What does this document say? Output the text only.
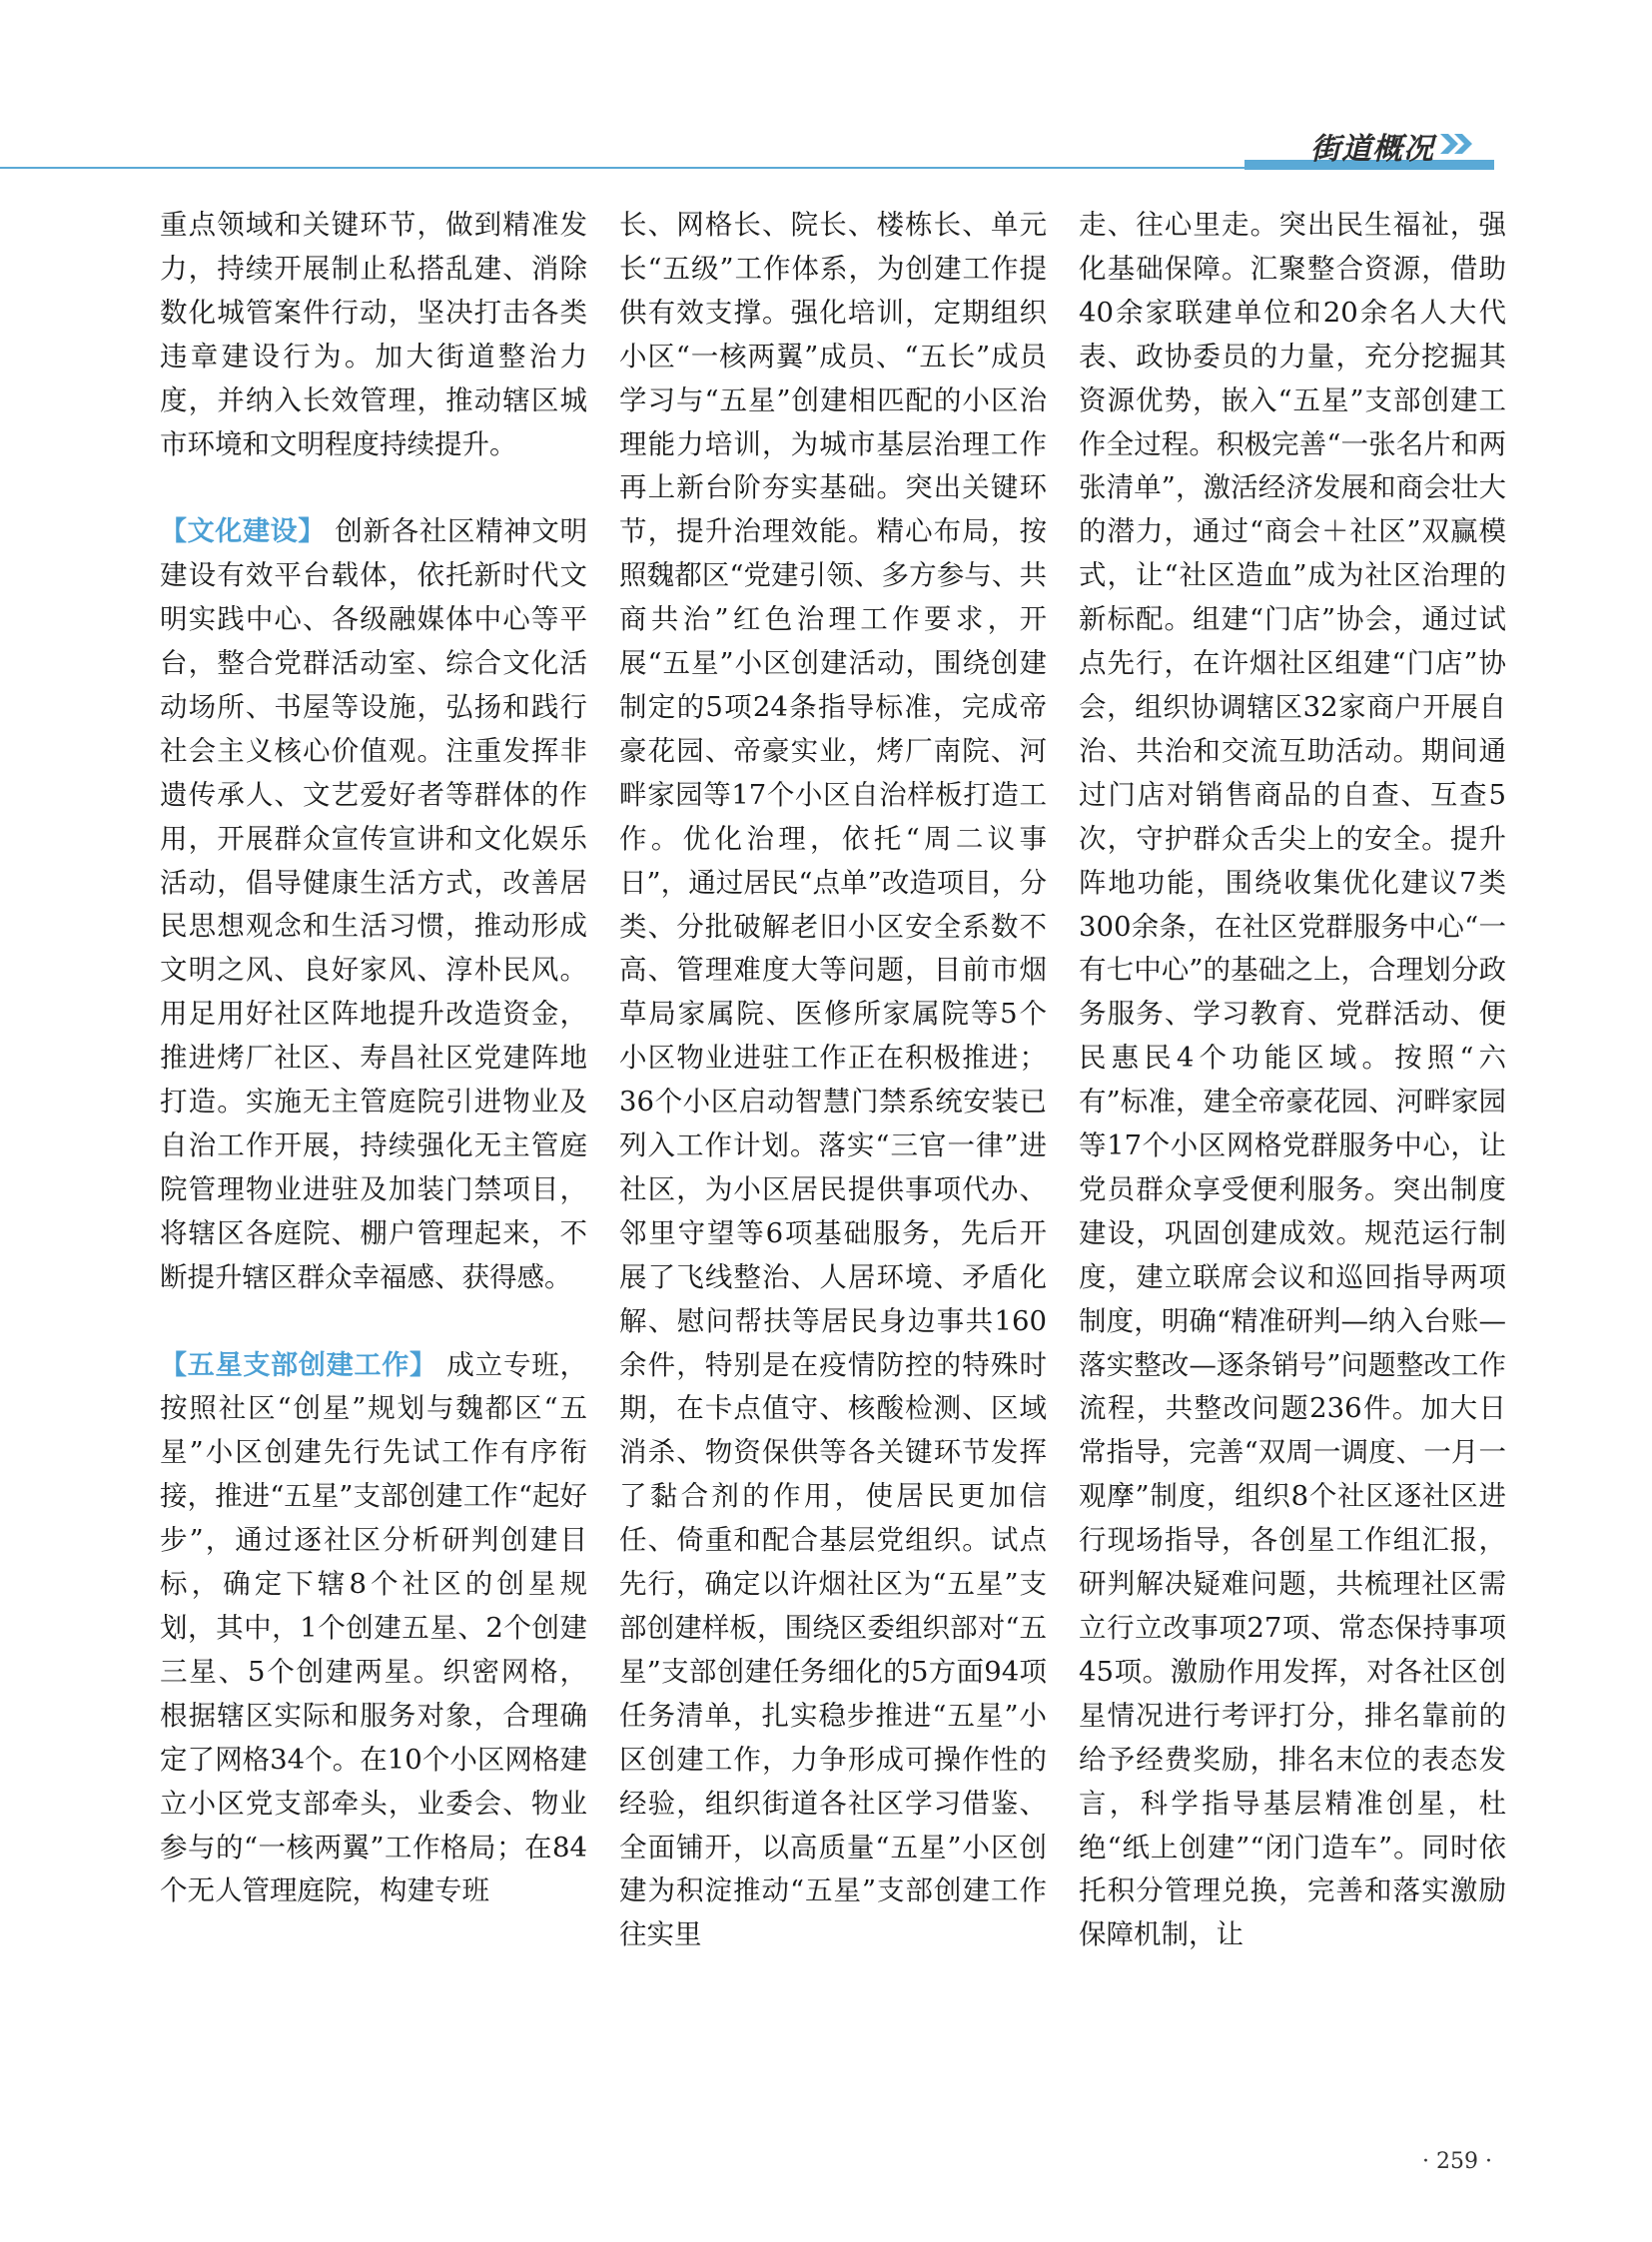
街道概况

重点领域和关键环节，做到精准发力，持续开展制止私搭乱建、消除数化城管案件行动，坚决打击各类违章建设行为。加大街道整治力度，并纳入长效管理，推动辖区城市环境和文明程度持续提升。

【文化建设】 创新各社区精神文明建设有效平台载体，依托新时代文明实践中心、各级融媒体中心等平台，整合党群活动室、综合文化活动场所、书屋等设施，弘扬和践行社会主义核心价值观。注重发挥非遗传承人、文艺爱好者等群体的作用，开展群众宣传宣讲和文化娱乐活动，倡导健康生活方式，改善居民思想观念和生活习惯，推动形成文明之风、良好家风、淳朴民风。用足用好社区阵地提升改造资金，推进烤厂社区、寿昌社区党建阵地打造。实施无主管庭院引进物业及自治工作开展，持续强化无主管庭院管理物业进驻及加装门禁项目，将辖区各庭院、棚户管理起来，不断提升辖区群众幸福感、获得感。

【五星支部创建工作】 成立专班，按照社区“创星”规划与魏都区“五星”小区创建先行先试工作有序衔接，推进“五星”支部创建工作“起好步”，通过逐社区分析研判创建目标，确定下辖8个社区的创星规划，其中，1个创建五星、2个创建三星、5个创建两星。织密网格，根据辖区实际和服务对象，合理确定了网格34个。在10个小区网格建立小区党支部牵头，业委会、物业参与的“一核两翼”工作格局；在84个无人管理庭院，构建专班

长、网格长、院长、楼栋长、单元长“五级”工作体系，为创建工作提供有效支撑。强化培训，定期组织小区“一核两翼”成员、“五长”成员学习与“五星”创建相匹配的小区治理能力培训，为城市基层治理工作再上新台阶夯实基础。突出关键环节，提升治理效能。精心布局，按照魏都区“党建引领、多方参与、共商共治”红色治理工作要求，开展“五星”小区创建活动，围绕创建制定的5项24条指导标准，完成帝豪花园、帝豪实业，烤厂南院、河畔家园等17个小区自治样板打造工作。优化治理，依托“周二议事日”，通过居民“点单”改造项目，分类、分批破解老旧小区安全系数不高、管理难度大等问题，目前市烟草局家属院、医修所家属院等5个小区物业进驻工作正在积极推进；36个小区启动智慧门禁系统安装已列入工作计划。落实“三官一律”进社区，为小区居民提供事项代办、邻里守望等6项基础服务，先后开展了飞线整治、人居环境、矛盾化解、慰问帮扶等居民身边事共160余件，特别是在疫情防控的特殊时期，在卡点值守、核酸检测、区域消杀、物资保供等各关键环节发挥了黏合剂的作用，使居民更加信任、倚重和配合基层党组织。试点先行，确定以许烟社区为“五星”支部创建样板，围绕区委组织部对“五星”支部创建任务细化的5方面94项任务清单，扎实稳步推进“五星”小区创建工作，力争形成可操作性的经验，组织街道各社区学习借鉴、全面铺开，以高质量“五星”小区创建为积淀推动“五星”支部创建工作往实里

走、往心里走。突出民生福祉，强化基础保障。汇聚整合资源，借助40余家联建单位和20余名人大代表、政协委员的力量，充分挖掘其资源优势，嵌入“五星”支部创建工作全过程。积极完善“一张名片和两张清单”，激活经济发展和商会壮大的潜力，通过“商会＋社区”双赢模式，让“社区造血”成为社区治理的新标配。组建“门店”协会，通过试点先行，在许烟社区组建“门店”协会，组织协调辖区32家商户开展自治、共治和交流互助活动。期间通过门店对销售商品的自查、互查5次，守护群众舌尖上的安全。提升阵地功能，围绕收集优化建议7类300余条，在社区党群服务中心“一有七中心”的基础之上，合理划分政务服务、学习教育、党群活动、便民惠民4个功能区域。按照“六有”标准，建全帝豪花园、河畔家园等17个小区网格党群服务中心，让党员群众享受便利服务。突出制度建设，巩固创建成效。规范运行制度，建立联席会议和巡回指导两项制度，明确“精准研判—纳入台账—落实整改—逐条销号”问题整改工作流程，共整改问题236件。加大日常指导，完善“双周一调度、一月一观摩”制度，组织8个社区逐社区进行现场指导，各创星工作组汇报，研判解决疑难问题，共梳理社区需立行立改事项27项、常态保持事项45项。激励作用发挥，对各社区创星情况进行考评打分，排名靠前的给予经费奖励，排名末位的表态发言，科学指导基层精准创星，杜绝“纸上创建”“闭门造车”。同时依托积分管理兑换，完善和落实激励保障机制，让

· 259 ·
